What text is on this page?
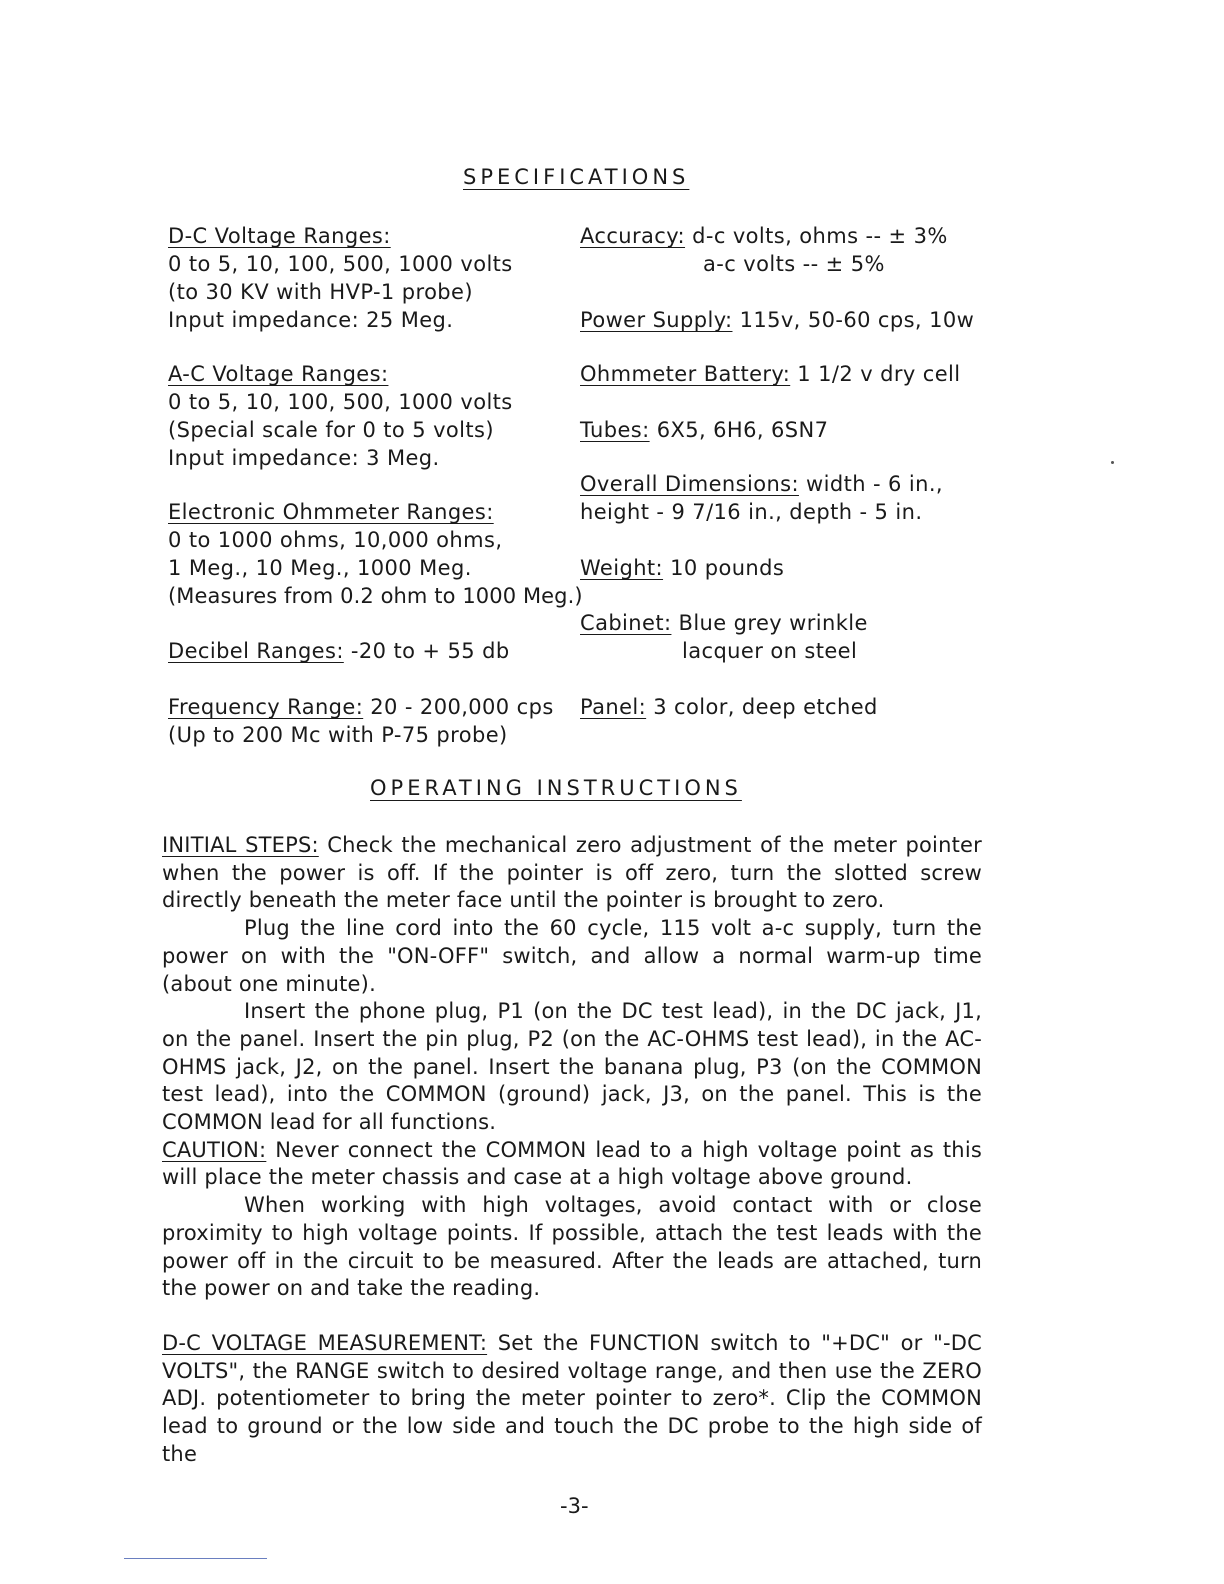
SPECIFICATIONS
D-C Voltage Ranges:
0 to 5, 10, 100, 500, 1000 volts
(to 30 KV with HVP-1 probe)
Input impedance: 25 Meg.
A-C Voltage Ranges:
0 to 5, 10, 100, 500, 1000 volts
(Special scale for 0 to 5 volts)
Input impedance: 3 Meg.
Electronic Ohmmeter Ranges:
0 to 1000 ohms, 10,000 ohms,
1 Meg., 10 Meg., 1000 Meg.
(Measures from 0.2 ohm to 1000 Meg.)
Decibel Ranges: -20 to + 55 db
Frequency Range: 20 - 200,000 cps
(Up to 200 Mc with P-75 probe)
Accuracy: d-c volts, ohms -- ± 3%
a-c volts -- ± 5%
Power Supply: 115v, 50-60 cps, 10w
Ohmmeter Battery: 1 1/2 v dry cell
Tubes: 6X5, 6H6, 6SN7
Overall Dimensions: width - 6 in.,
height - 9 7/16 in., depth - 5 in.
Weight: 10 pounds
Cabinet: Blue grey wrinkle
lacquer on steel
Panel: 3 color, deep etched
OPERATING INSTRUCTIONS

INITIAL STEPS: Check the mechanical zero adjustment of the meter pointer when the power is off. If the pointer is off zero, turn the slotted screw directly beneath the meter face until the pointer is brought to zero.

Plug the line cord into the 60 cycle, 115 volt a-c supply, turn the power on with the "ON-OFF" switch, and allow a normal warm-up time (about one minute).

Insert the phone plug, P1 (on the DC test lead), in the DC jack, J1, on the panel. Insert the pin plug, P2 (on the AC-OHMS test lead), in the AC-OHMS jack, J2, on the panel. Insert the banana plug, P3 (on the COMMON test lead), into the COMMON (ground) jack, J3, on the panel. This is the COMMON lead for all functions.

CAUTION: Never connect the COMMON lead to a high voltage point as this will place the meter chassis and case at a high voltage above ground.

When working with high voltages, avoid contact with or close proximity to high voltage points. If possible, attach the test leads with the power off in the circuit to be measured. After the leads are attached, turn the power on and take the reading.

D-C VOLTAGE MEASUREMENT: Set the FUNCTION switch to "+DC" or "-DC VOLTS", the RANGE switch to desired voltage range, and then use the ZERO ADJ. potentiometer to bring the meter pointer to zero*. Clip the COMMON lead to ground or the low side and touch the DC probe to the high side of the

-3-
